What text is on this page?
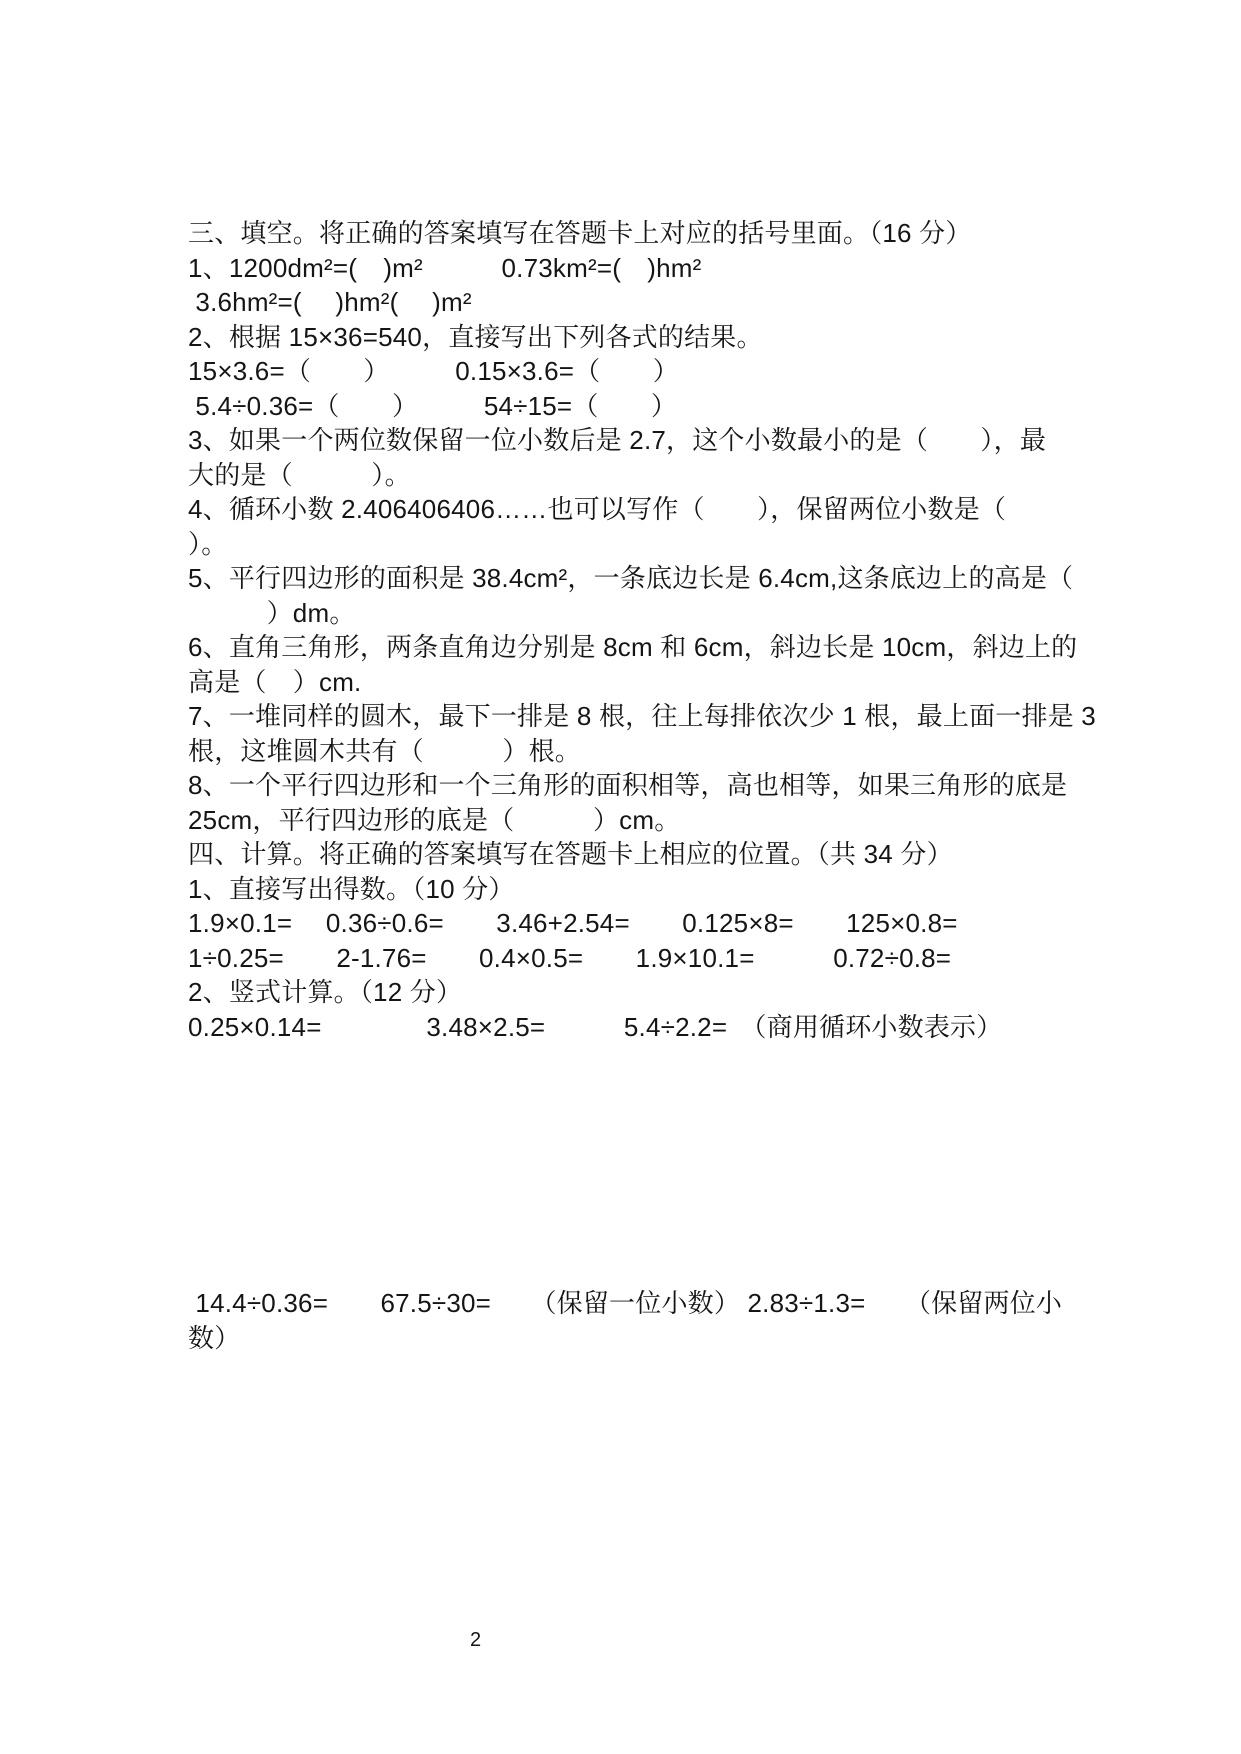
三、填空。将正确的答案填写在答题卡上对应的括号里面。（16 分）
1、1200dm²=(　)m²　　　0.73km²=(　)hm²
3.6hm²=(　 )hm²(　 )m²
2、根据 15×36=540，直接写出下列各式的结果。
15×3.6=（　　）　　　0.15×3.6=（　　）
5.4÷0.36=（　　）　　　54÷15=（　　）
3、如果一个两位数保留一位小数后是 2.7，这个小数最小的是（　　），最
大的是（　　　）。
4、循环小数 2.406406406……也可以写作（　　），保留两位小数是（
）。
5、平行四边形的面积是 38.4cm²，一条底边长是 6.4cm,这条底边上的高是（
　　　）dm。
6、直角三角形，两条直角边分别是 8cm 和 6cm，斜边长是 10cm，斜边上的
高是（　）cm.
7、一堆同样的圆木，最下一排是 8 根，往上每排依次少 1 根，最上面一排是 3
根，这堆圆木共有（　　　）根。
8、一个平行四边形和一个三角形的面积相等，高也相等，如果三角形的底是
25cm，平行四边形的底是（　　　）cm。
四、计算。将正确的答案填写在答题卡上相应的位置。（共 34 分）
1、直接写出得数。（10 分）
1.9×0.1=　 0.36÷0.6=　　3.46+2.54=　　0.125×8=　　125×0.8=
1÷0.25=　　2-1.76=　　0.4×0.5=　　1.9×10.1=　　　0.72÷0.8=
2、竖式计算。（12 分）
0.25×0.14=　　　　3.48×2.5=　　　5.4÷2.2=　（商用循环小数表示）
14.4÷0.36=　　67.5÷30=　　（保留一位小数） 2.83÷1.3=　　（保留两位小
数）
2
